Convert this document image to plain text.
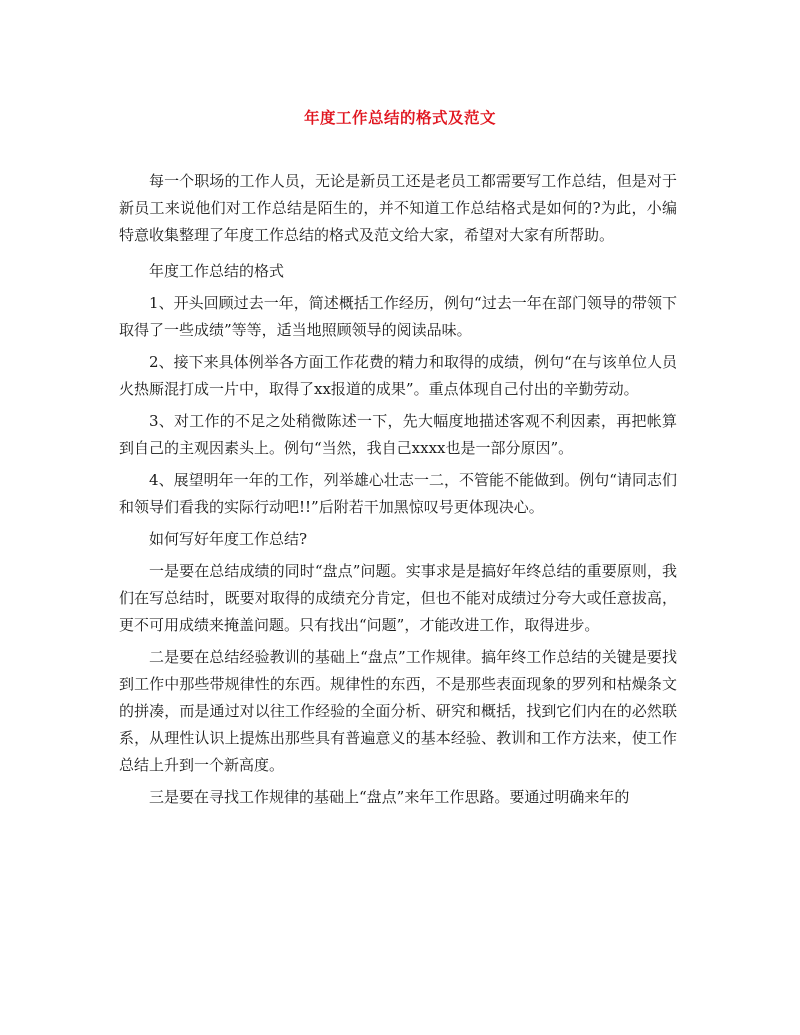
年度工作总结的格式及范文

每一个职场的工作人员，无论是新员工还是老员工都需要写工作总结，但是对于新员工来说他们对工作总结是陌生的，并不知道工作总结格式是如何的?为此，小编特意收集整理了年度工作总结的格式及范文给大家，希望对大家有所帮助。

年度工作总结的格式

1、开头回顾过去一年，简述概括工作经历，例句“过去一年在部门领导的带领下取得了一些成绩”等等，适当地照顾领导的阅读品味。

2、接下来具体例举各方面工作花费的精力和取得的成绩，例句“在与该单位人员火热厮混打成一片中，取得了xx报道的成果”。重点体现自己付出的辛勤劳动。

3、对工作的不足之处稍微陈述一下，先大幅度地描述客观不利因素，再把帐算到自己的主观因素头上。例句“当然，我自己xxxx也是一部分原因”。

4、展望明年一年的工作，列举雄心壮志一二，不管能不能做到。例句“请同志们和领导们看我的实际行动吧!!”后附若干加黑惊叹号更体现决心。

如何写好年度工作总结?

一是要在总结成绩的同时“盘点”问题。实事求是是搞好年终总结的重要原则，我们在写总结时，既要对取得的成绩充分肯定，但也不能对成绩过分夸大或任意拔高，更不可用成绩来掩盖问题。只有找出“问题”，才能改进工作，取得进步。

二是要在总结经验教训的基础上“盘点”工作规律。搞年终工作总结的关键是要找到工作中那些带规律性的东西。规律性的东西，不是那些表面现象的罗列和枯燥条文的拼凑，而是通过对以往工作经验的全面分析、研究和概括，找到它们内在的必然联系，从理性认识上提炼出那些具有普遍意义的基本经验、教训和工作方法来，使工作总结上升到一个新高度。

三是要在寻找工作规律的基础上“盘点”来年工作思路。要通过明确来年的
